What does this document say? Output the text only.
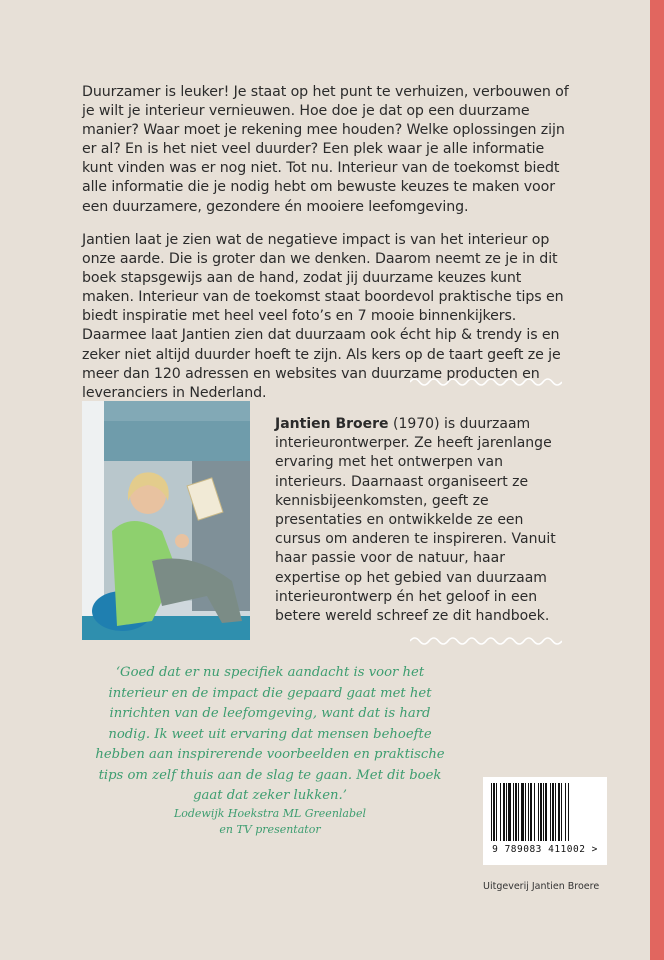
Duurzamer is leuker! Je staat op het punt te verhuizen, verbouwen of je wilt je interieur vernieuwen. Hoe doe je dat op een duurzame manier? Waar moet je rekening mee houden? Welke oplossingen zijn er al? En is het niet veel duurder? Een plek waar je alle informatie kunt vinden was er nog niet. Tot nu. Interieur van de toekomst biedt alle informatie die je nodig hebt om bewuste keuzes te maken voor een duurzamere, gezondere én mooiere leefomgeving.

Jantien laat je zien wat de negatieve impact is van het interieur op onze aarde. Die is groter dan we denken. Daarom neemt ze je in dit boek stapsgewijs aan de hand, zodat jij duurzame keuzes kunt maken. Interieur van de toekomst staat boordevol praktische tips en biedt inspiratie met heel veel foto’s en 7 mooie binnenkijkers. Daarmee laat Jantien zien dat duurzaam ook écht hip & trendy is en zeker niet altijd duurder hoeft te zijn. Als kers op de taart geeft ze je meer dan 120 adressen en websites van duurzame producten en leveranciers in Nederland.

Jantien Broere (1970) is duurzaam interieurontwerper. Ze heeft jarenlange ervaring met het ontwerpen van interieurs. Daarnaast organiseert ze kennisbijeenkomsten, geeft ze presentaties en ontwikkelde ze een cursus om anderen te inspireren. Vanuit haar passie voor de natuur, haar expertise op het gebied van duurzaam interieurontwerp én het geloof in een betere wereld schreef ze dit handboek.

‘Goed dat er nu specifiek aandacht is voor het interieur en de impact die gepaard gaat met het inrichten van de leefomgeving, want dat is hard nodig. Ik weet uit ervaring dat mensen behoefte hebben aan inspirerende voorbeelden en praktische tips om zelf thuis aan de slag te gaan. Met dit boek gaat dat zeker lukken.’

Lodewijk Hoekstra ML Greenlabel
en TV presentator
9 789083 411002 >
Uitgeverij Jantien Broere
